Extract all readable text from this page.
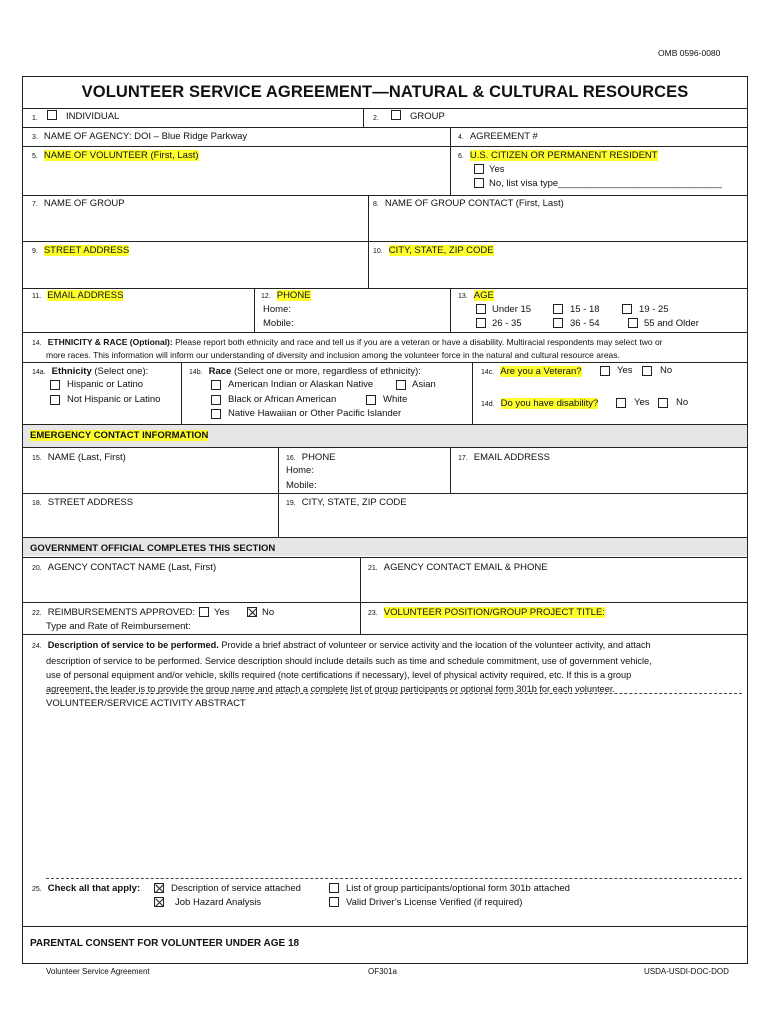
OMB 0596-0080
VOLUNTEER SERVICE AGREEMENT—NATURAL & CULTURAL RESOURCES
1.	INDIVIDUAL	2.	GROUP
3. NAME OF AGENCY: DOI – Blue Ridge Parkway	4. AGREEMENT #
5. NAME OF VOLUNTEER (First, Last)	6. U.S. CITIZEN OR PERMANENT RESIDENT
Yes
No, list visa type_______________________________
7. NAME OF GROUP	8. NAME OF GROUP CONTACT (First, Last)
9. STREET ADDRESS	10. CITY, STATE, ZIP CODE
11. EMAIL ADDRESS	12. PHONE
Home:
Mobile:
13. AGE
Under 15	15 - 18	19 - 25
26 - 35	36 - 54	55 and Older
14. ETHNICITY & RACE (Optional): Please report both ethnicity and race and tell us if you are a veteran or have a disability. Multiracial respondents may select two or
more races. This information will inform our understanding of diversity and inclusion among the volunteer force in the natural and cultural resource areas.
14a. Ethnicity (Select one):
Hispanic or Latino
Not Hispanic or Latino
14b. Race (Select one or more, regardless of ethnicity):
American Indian or Alaskan Native	Asian
Black or African American	White
Native Hawaiian or Other Pacific Islander
14c. Are you a Veteran?	Yes	No
14d. Do you have disability?	Yes	No
EMERGENCY CONTACT INFORMATION
15. NAME (Last, First)	16. PHONE
Home:
Mobile:
17. EMAIL ADDRESS
18. STREET ADDRESS	19. CITY, STATE, ZIP CODE
GOVERNMENT OFFICIAL COMPLETES THIS SECTION
20. AGENCY CONTACT NAME (Last, First)	21. AGENCY CONTACT EMAIL & PHONE
22. REIMBURSEMENTS APPROVED: Yes	No
Type and Rate of Reimbursement:
23. VOLUNTEER POSITION/GROUP PROJECT TITLE:
24. Description of service to be performed. Provide a brief abstract of volunteer or service activity and the location of the volunteer activity, and attach
description of service to be performed. Service description should include details such as time and schedule commitment, use of government vehicle,
use of personal equipment and/or vehicle, skills required (note certifications if necessary), level of physical activity required, etc. If this is a group
agreement, the leader is to provide the group name and attach a complete list of group participants or optional form 301b for each volunteer.
VOLUNTEER/SERVICE ACTIVITY ABSTRACT
25. Check all that apply:	Description of service attached
Job Hazard Analysis
List of group participants/optional form 301b attached
Valid Driver’s License Verified (if required)
PARENTAL CONSENT FOR VOLUNTEER UNDER AGE 18
Volunteer Service Agreement	OF301a	USDA-USDI-DOC-DOD
